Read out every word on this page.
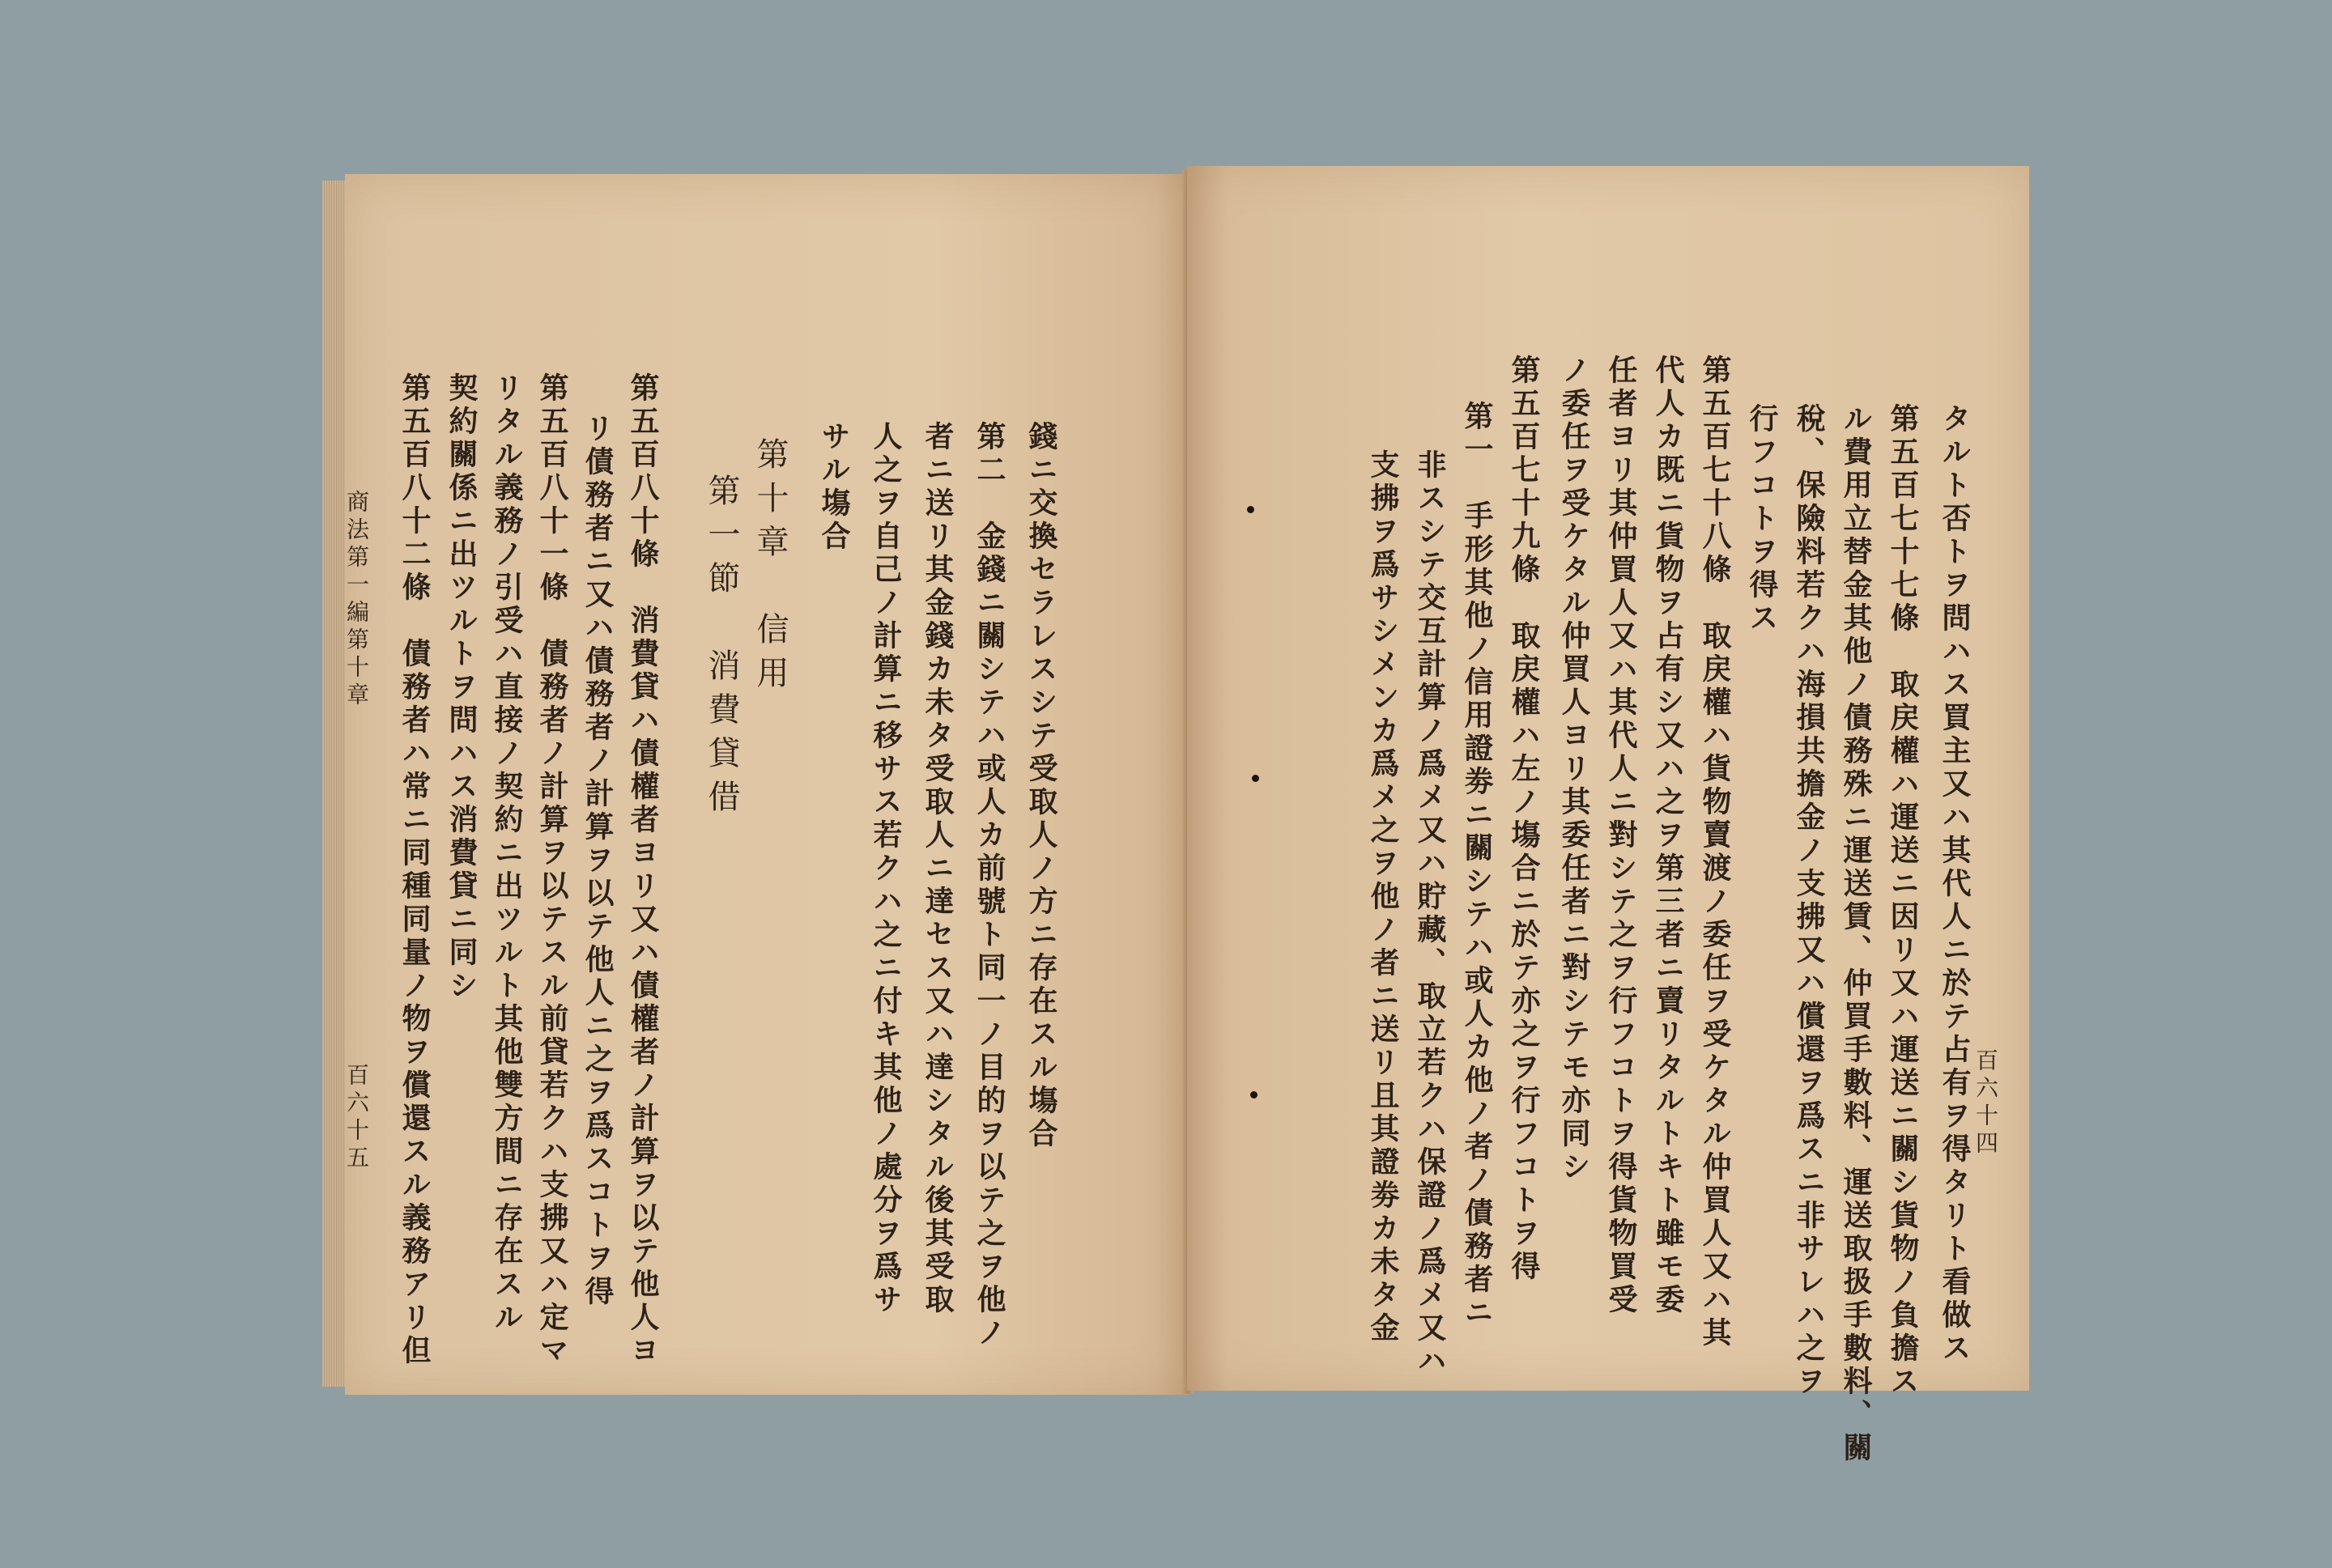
錢ニ交換セラレスシテ受取人ノ方ニ存在スル塲合
第二　金錢ニ關シテハ或人カ前號ト同一ノ目的ヲ以テ之ヲ他ノ
者ニ送リ其金錢カ未タ受取人ニ達セス又ハ達シタル後其受取
人之ヲ自己ノ計算ニ移サス若クハ之ニ付キ其他ノ處分ヲ爲サ
サル塲合
第十章　信用
第一節　消費貸借
第五百八十條　消費貸ハ債權者ヨリ又ハ債權者ノ計算ヲ以テ他人ヨ
リ債務者ニ又ハ債務者ノ計算ヲ以テ他人ニ之ヲ爲スコトヲ得
第五百八十一條　債務者ノ計算ヲ以テスル前貸若クハ支拂又ハ定マ
リタル義務ノ引受ハ直接ノ契約ニ出ツルト其他雙方間ニ存在スル
契約關係ニ出ツルトヲ問ハス消費貸ニ同シ
第五百八十二條　債務者ハ常ニ同種同量ノ物ヲ償還スル義務アリ但
商法第一編第十章
百六十五	タルト否トヲ問ハス買主又ハ其代人ニ於テ占有ヲ得タリト看做ス
第五百七十七條　取戻權ハ運送ニ因リ又ハ運送ニ關シ貨物ノ負擔ス
ル費用立替金其他ノ債務殊ニ運送賃、仲買手數料、運送取扱手數料、關
稅、保險料若クハ海損共擔金ノ支拂又ハ償還ヲ爲スニ非サレハ之ヲ
行フコトヲ得ス
第五百七十八條　取戻權ハ貨物賣渡ノ委任ヲ受ケタル仲買人又ハ其
代人カ既ニ貨物ヲ占有シ又ハ之ヲ第三者ニ賣リタルトキト雖モ委
任者ヨリ其仲買人又ハ其代人ニ對シテ之ヲ行フコトヲ得貨物買受
ノ委任ヲ受ケタル仲買人ヨリ其委任者ニ對シテモ亦同シ
第五百七十九條　取戻權ハ左ノ塲合ニ於テ亦之ヲ行フコトヲ得
第一　手形其他ノ信用證劵ニ關シテハ或人カ他ノ者ノ債務者ニ
非スシテ交互計算ノ爲メ又ハ貯藏、取立若クハ保證ノ爲メ又ハ
支拂ヲ爲サシメンカ爲メ之ヲ他ノ者ニ送リ且其證劵カ未タ金	百六十四
